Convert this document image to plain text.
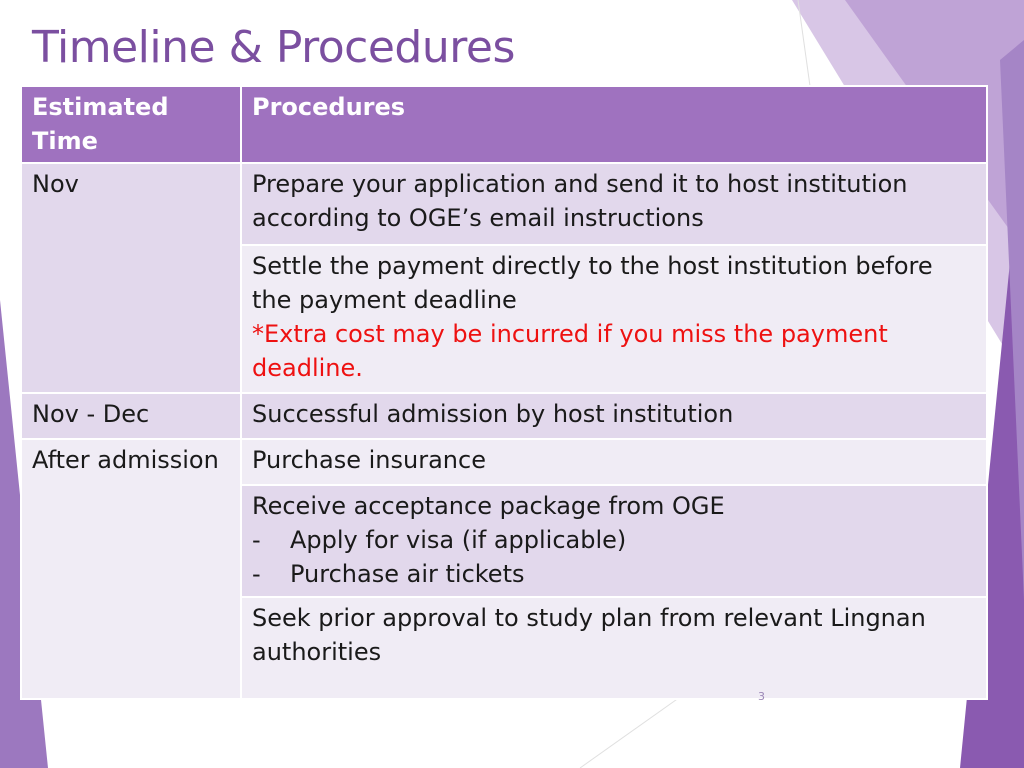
Timeline & Procedures
Estimated Time	Procedures
Nov	Prepare your application and send it to host institution according to OGE’s email instructions
	Settle the payment directly to the host institution before the payment deadline
*Extra cost may be incurred if you miss the payment deadline.

Nov - Dec	Successful admission by host institution
After admission	Purchase insurance

	Receive acceptance package from OGE
- Apply for visa (if applicable)
- Purchase air tickets

	Seek prior approval to study plan from relevant Lingnan authorities

3
